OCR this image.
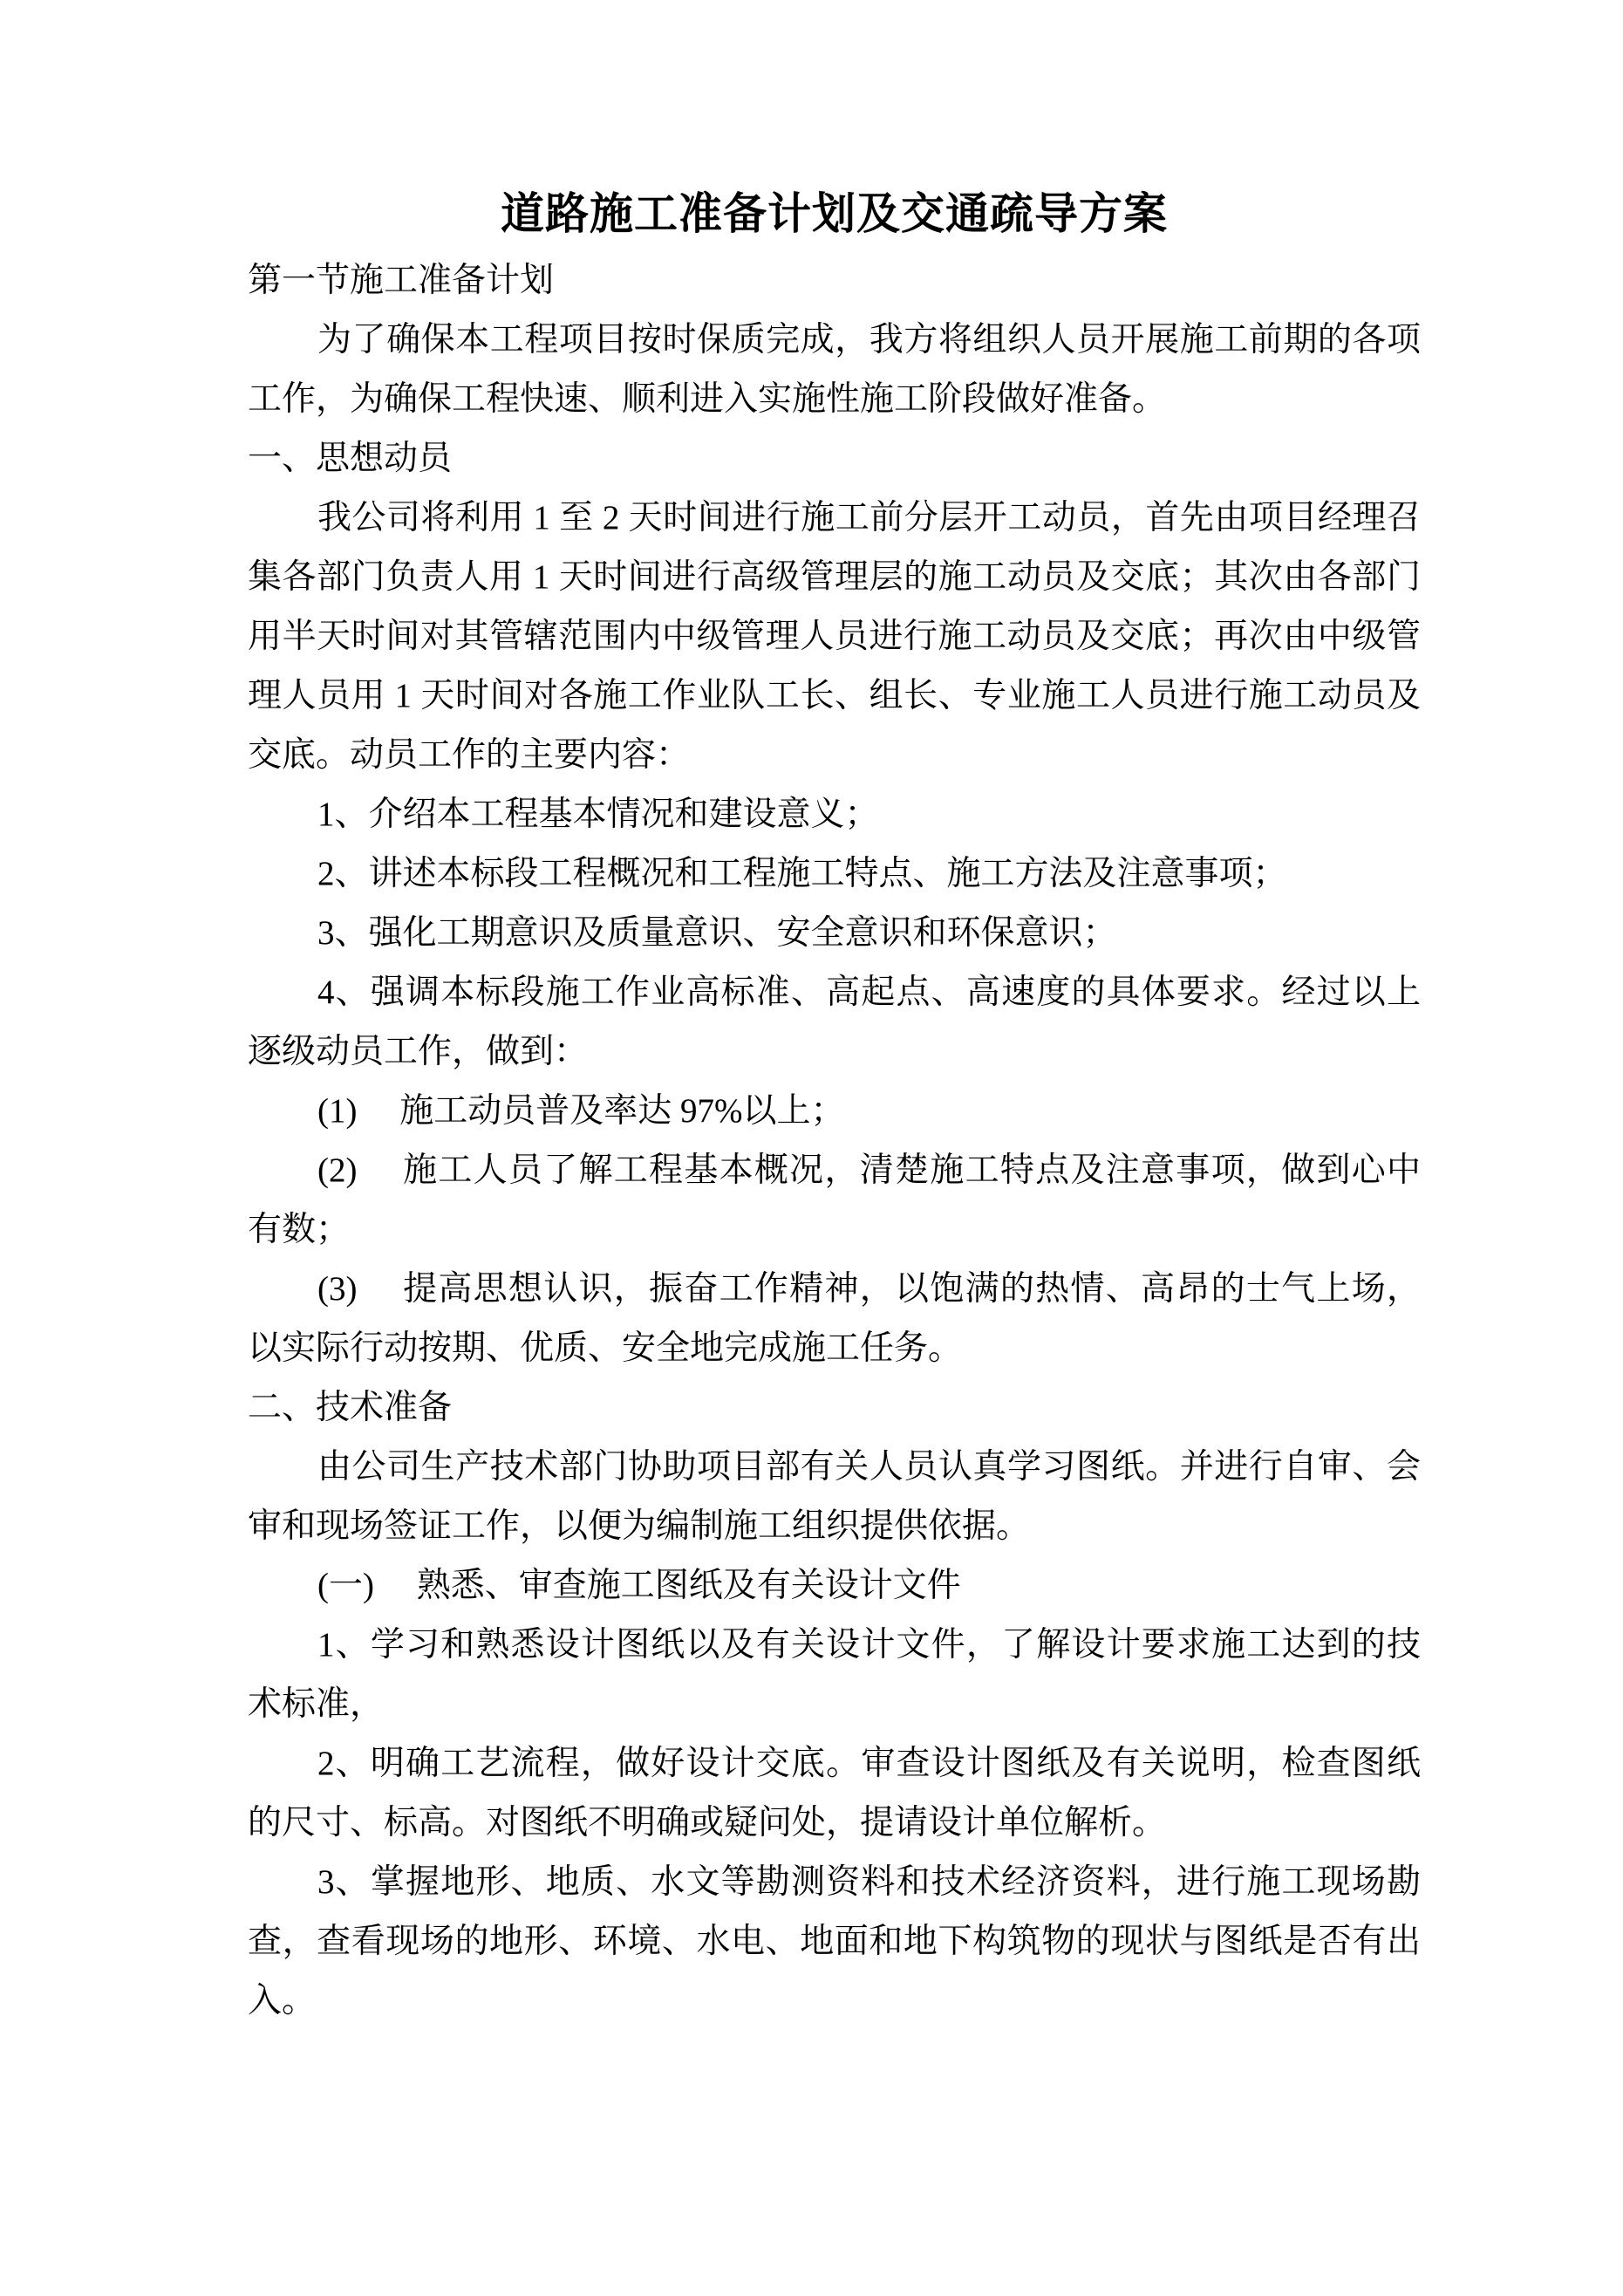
道路施工准备计划及交通疏导方案
第一节施工准备计划
为了确保本工程项目按时保质完成，我方将组织人员开展施工前期的各项
工作，为确保工程快速、顺利进入实施性施工阶段做好准备。
一、思想动员
我公司将利用 1 至 2 天时间进行施工前分层开工动员，首先由项目经理召
集各部门负责人用 1 天时间进行高级管理层的施工动员及交底；其次由各部门
用半天时间对其管辖范围内中级管理人员进行施工动员及交底；再次由中级管
理人员用 1 天时间对各施工作业队工长、组长、专业施工人员进行施工动员及
交底。动员工作的主要内容：
1、介绍本工程基本情况和建设意义；
2、讲述本标段工程概况和工程施工特点、施工方法及注意事项；
3、强化工期意识及质量意识、安全意识和环保意识；
4、强调本标段施工作业高标准、高起点、高速度的具体要求。经过以上
逐级动员工作，做到：
(1)　 施工动员普及率达 97%以上；
(2)　 施工人员了解工程基本概况，清楚施工特点及注意事项，做到心中
有数；
(3)　 提高思想认识，振奋工作精神，以饱满的热情、高昂的士气上场，
以实际行动按期、优质、安全地完成施工任务。
二、技术准备
由公司生产技术部门协助项目部有关人员认真学习图纸。并进行自审、会
审和现场签证工作，以便为编制施工组织提供依据。
(一)　 熟悉、审查施工图纸及有关设计文件
1、学习和熟悉设计图纸以及有关设计文件，了解设计要求施工达到的技
术标准，
2、明确工艺流程，做好设计交底。审查设计图纸及有关说明，检查图纸
的尺寸、标高。对图纸不明确或疑问处，提请设计单位解析。
3、掌握地形、地质、水文等勘测资料和技术经济资料，进行施工现场勘
查，查看现场的地形、环境、水电、地面和地下构筑物的现状与图纸是否有出
入。
